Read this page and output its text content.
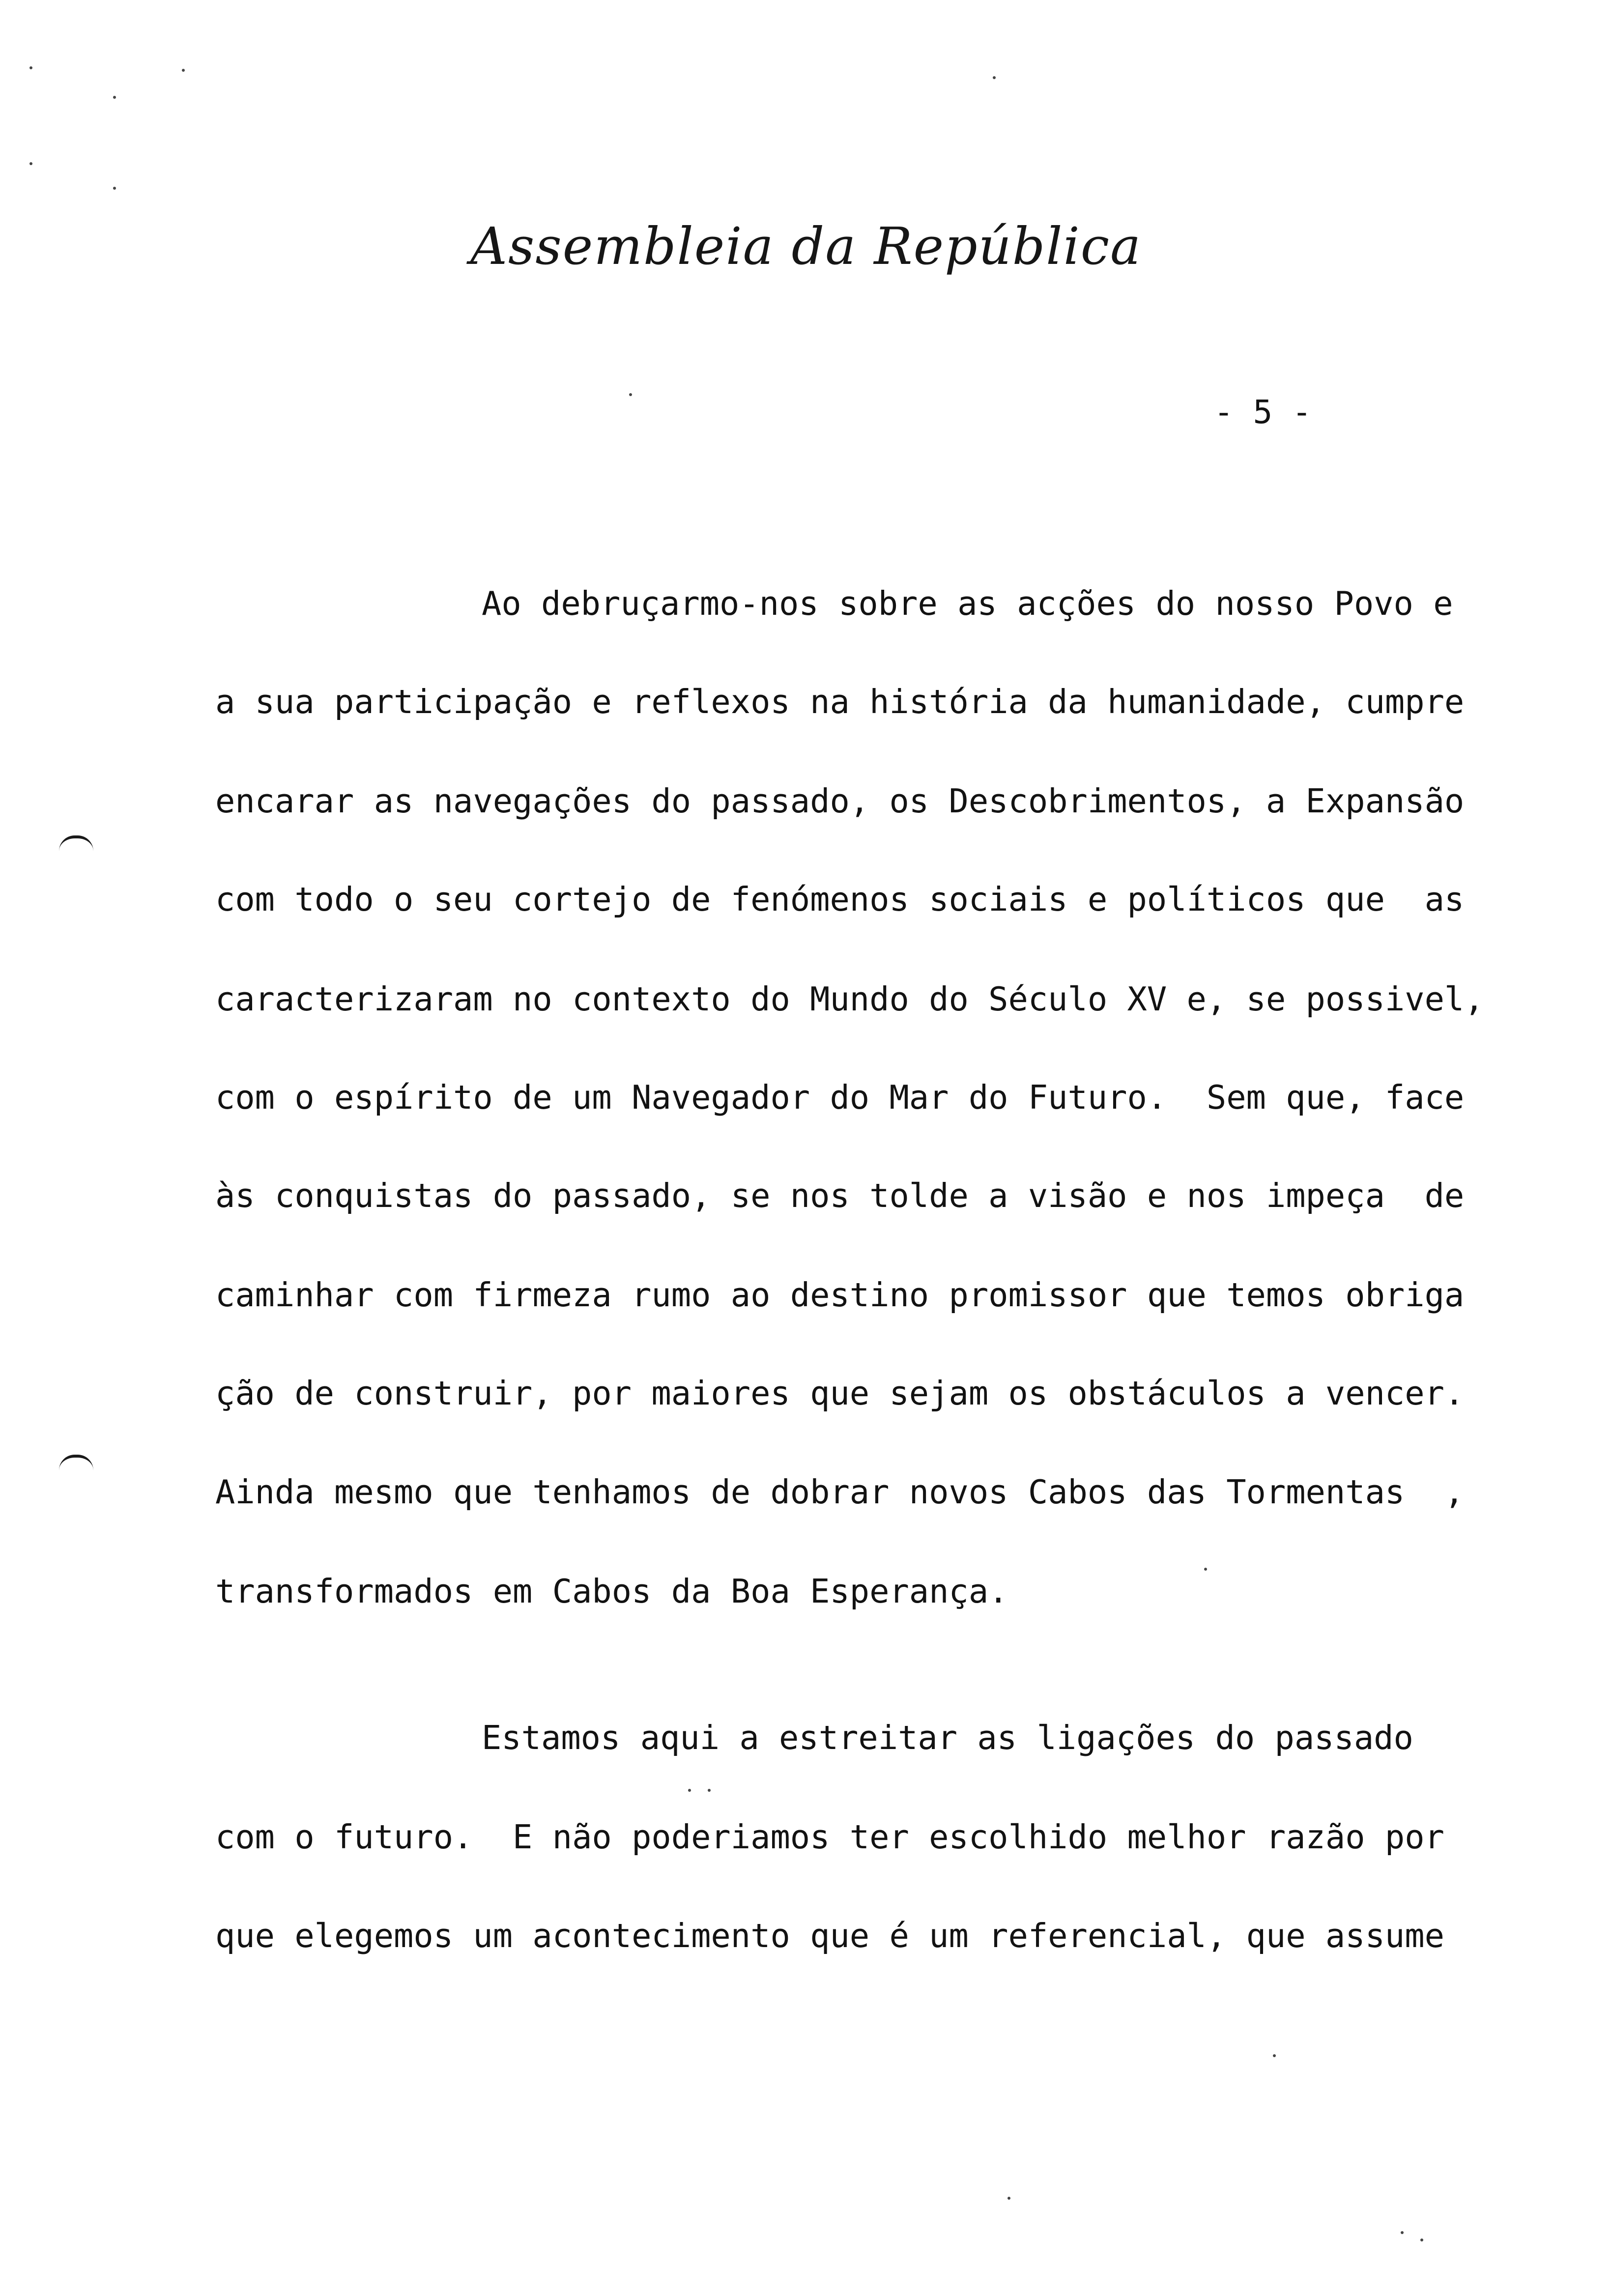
Assembleia da República
- 5 -
Ao debruçarmo-nos sobre as acções do nosso Povo e
a sua participação e reflexos na história da humanidade, cumpre
encarar as navegações do passado, os Descobrimentos, a Expansão
com todo o seu cortejo de fenómenos sociais e políticos que  as
caracterizaram no contexto do Mundo do Século XV e, se possivel,
com o espírito de um Navegador do Mar do Futuro.  Sem que, face
às conquistas do passado, se nos tolde a visão e nos impeça  de
caminhar com firmeza rumo ao destino promissor que temos obriga
ção de construir, por maiores que sejam os obstáculos a vencer.
Ainda mesmo que tenhamos de dobrar novos Cabos das Tormentas  ,
transformados em Cabos da Boa Esperança.
Estamos aqui a estreitar as ligações do passado
com o futuro.  E não poderiamos ter escolhido melhor razão por
que elegemos um acontecimento que é um referencial, que assume
